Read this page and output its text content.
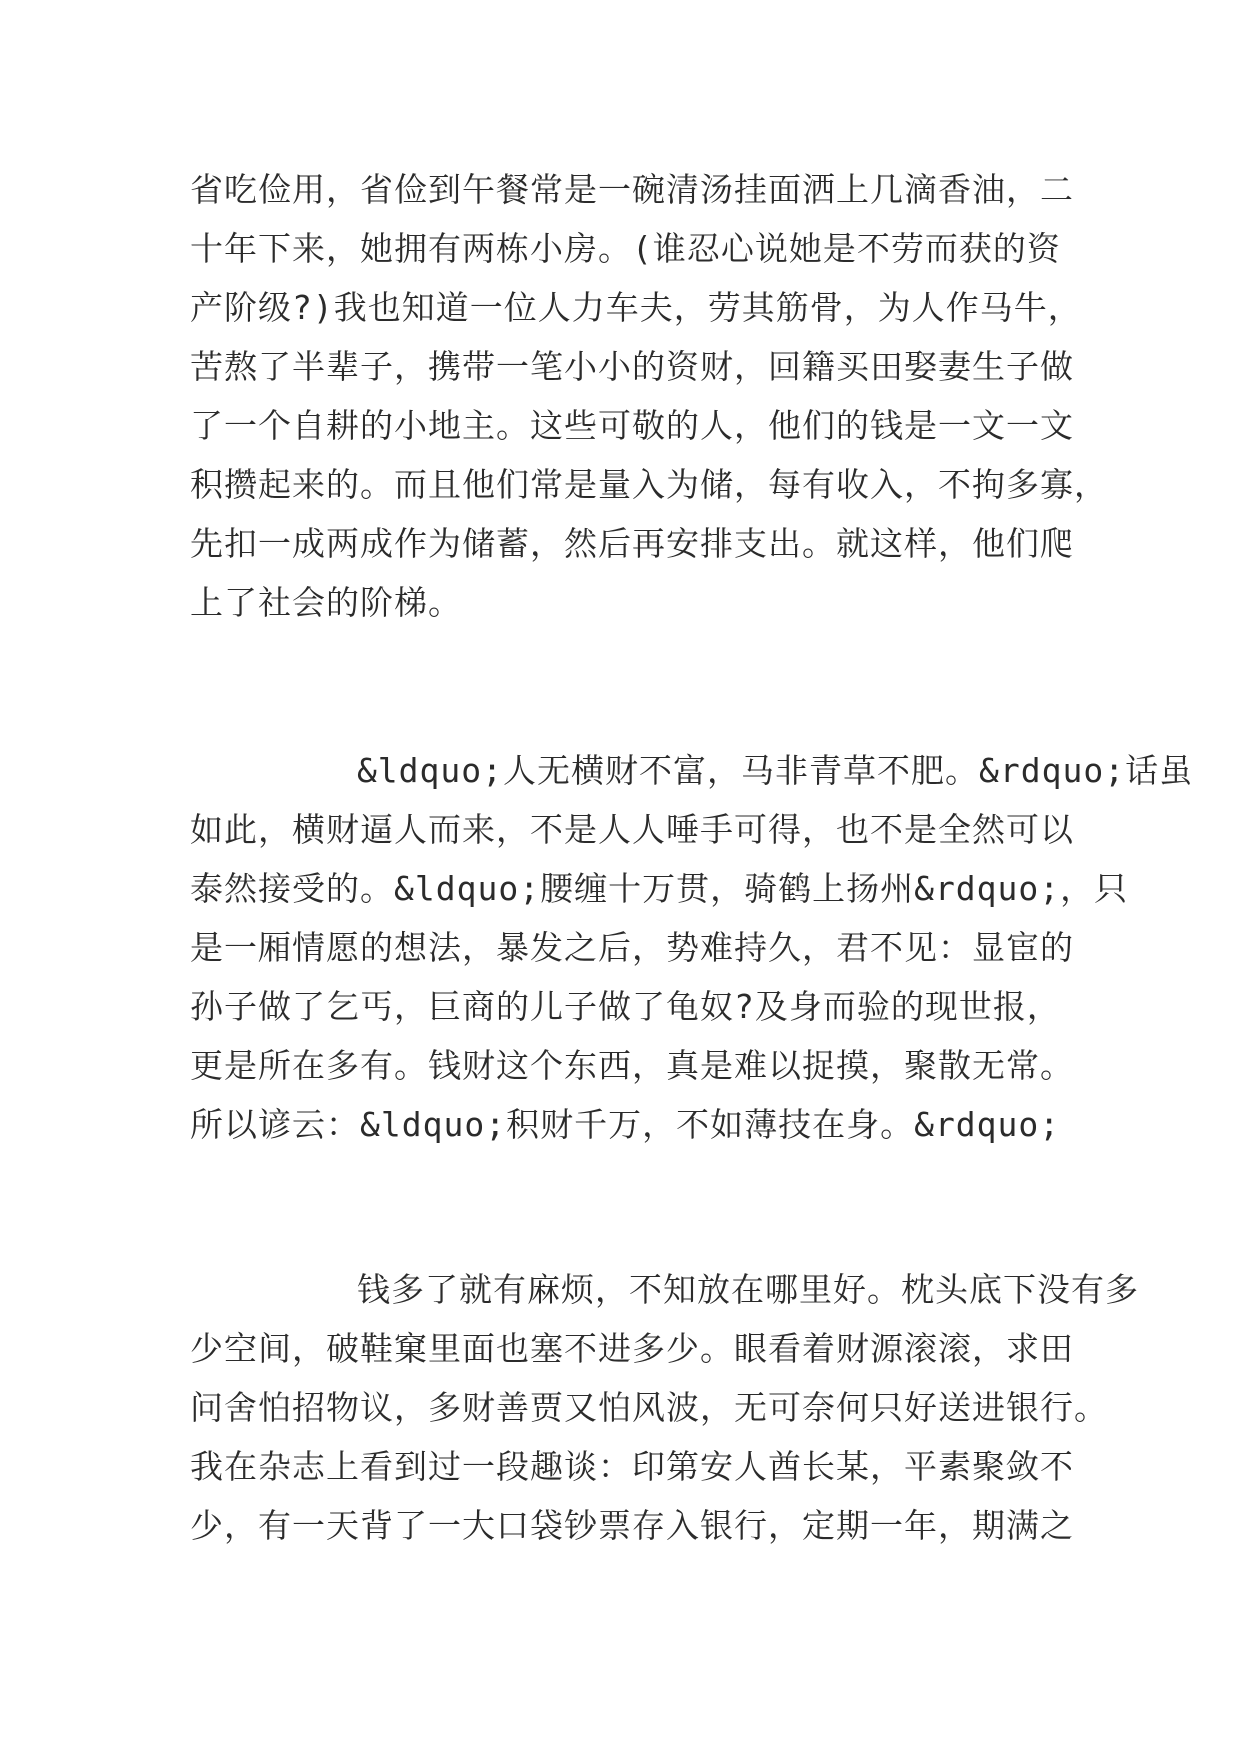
省吃俭用，省俭到午餐常是一碗清汤挂面洒上几滴香油，二
十年下来，她拥有两栋小房。(谁忍心说她是不劳而获的资
产阶级?)我也知道一位人力车夫，劳其筋骨，为人作马牛，
苦熬了半辈子，携带一笔小小的资财，回籍买田娶妻生子做
了一个自耕的小地主。这些可敬的人，他们的钱是一文一文
积攒起来的。而且他们常是量入为储，每有收入，不拘多寡，
先扣一成两成作为储蓄，然后再安排支出。就这样，他们爬
上了社会的阶梯。
&ldquo;人无横财不富，马非青草不肥。&rdquo;话虽
如此，横财逼人而来，不是人人唾手可得，也不是全然可以
泰然接受的。&ldquo;腰缠十万贯，骑鹤上扬州&rdquo;，只
是一厢情愿的想法，暴发之后，势难持久，君不见：显宦的
孙子做了乞丐，巨商的儿子做了龟奴?及身而验的现世报，
更是所在多有。钱财这个东西，真是难以捉摸，聚散无常。
所以谚云：&ldquo;积财千万，不如薄技在身。&rdquo;
钱多了就有麻烦，不知放在哪里好。枕头底下没有多
少空间，破鞋窠里面也塞不进多少。眼看着财源滚滚，求田
问舍怕招物议，多财善贾又怕风波，无可奈何只好送进银行。
我在杂志上看到过一段趣谈：印第安人酋长某，平素聚敛不
少，有一天背了一大口袋钞票存入银行，定期一年，期满之
